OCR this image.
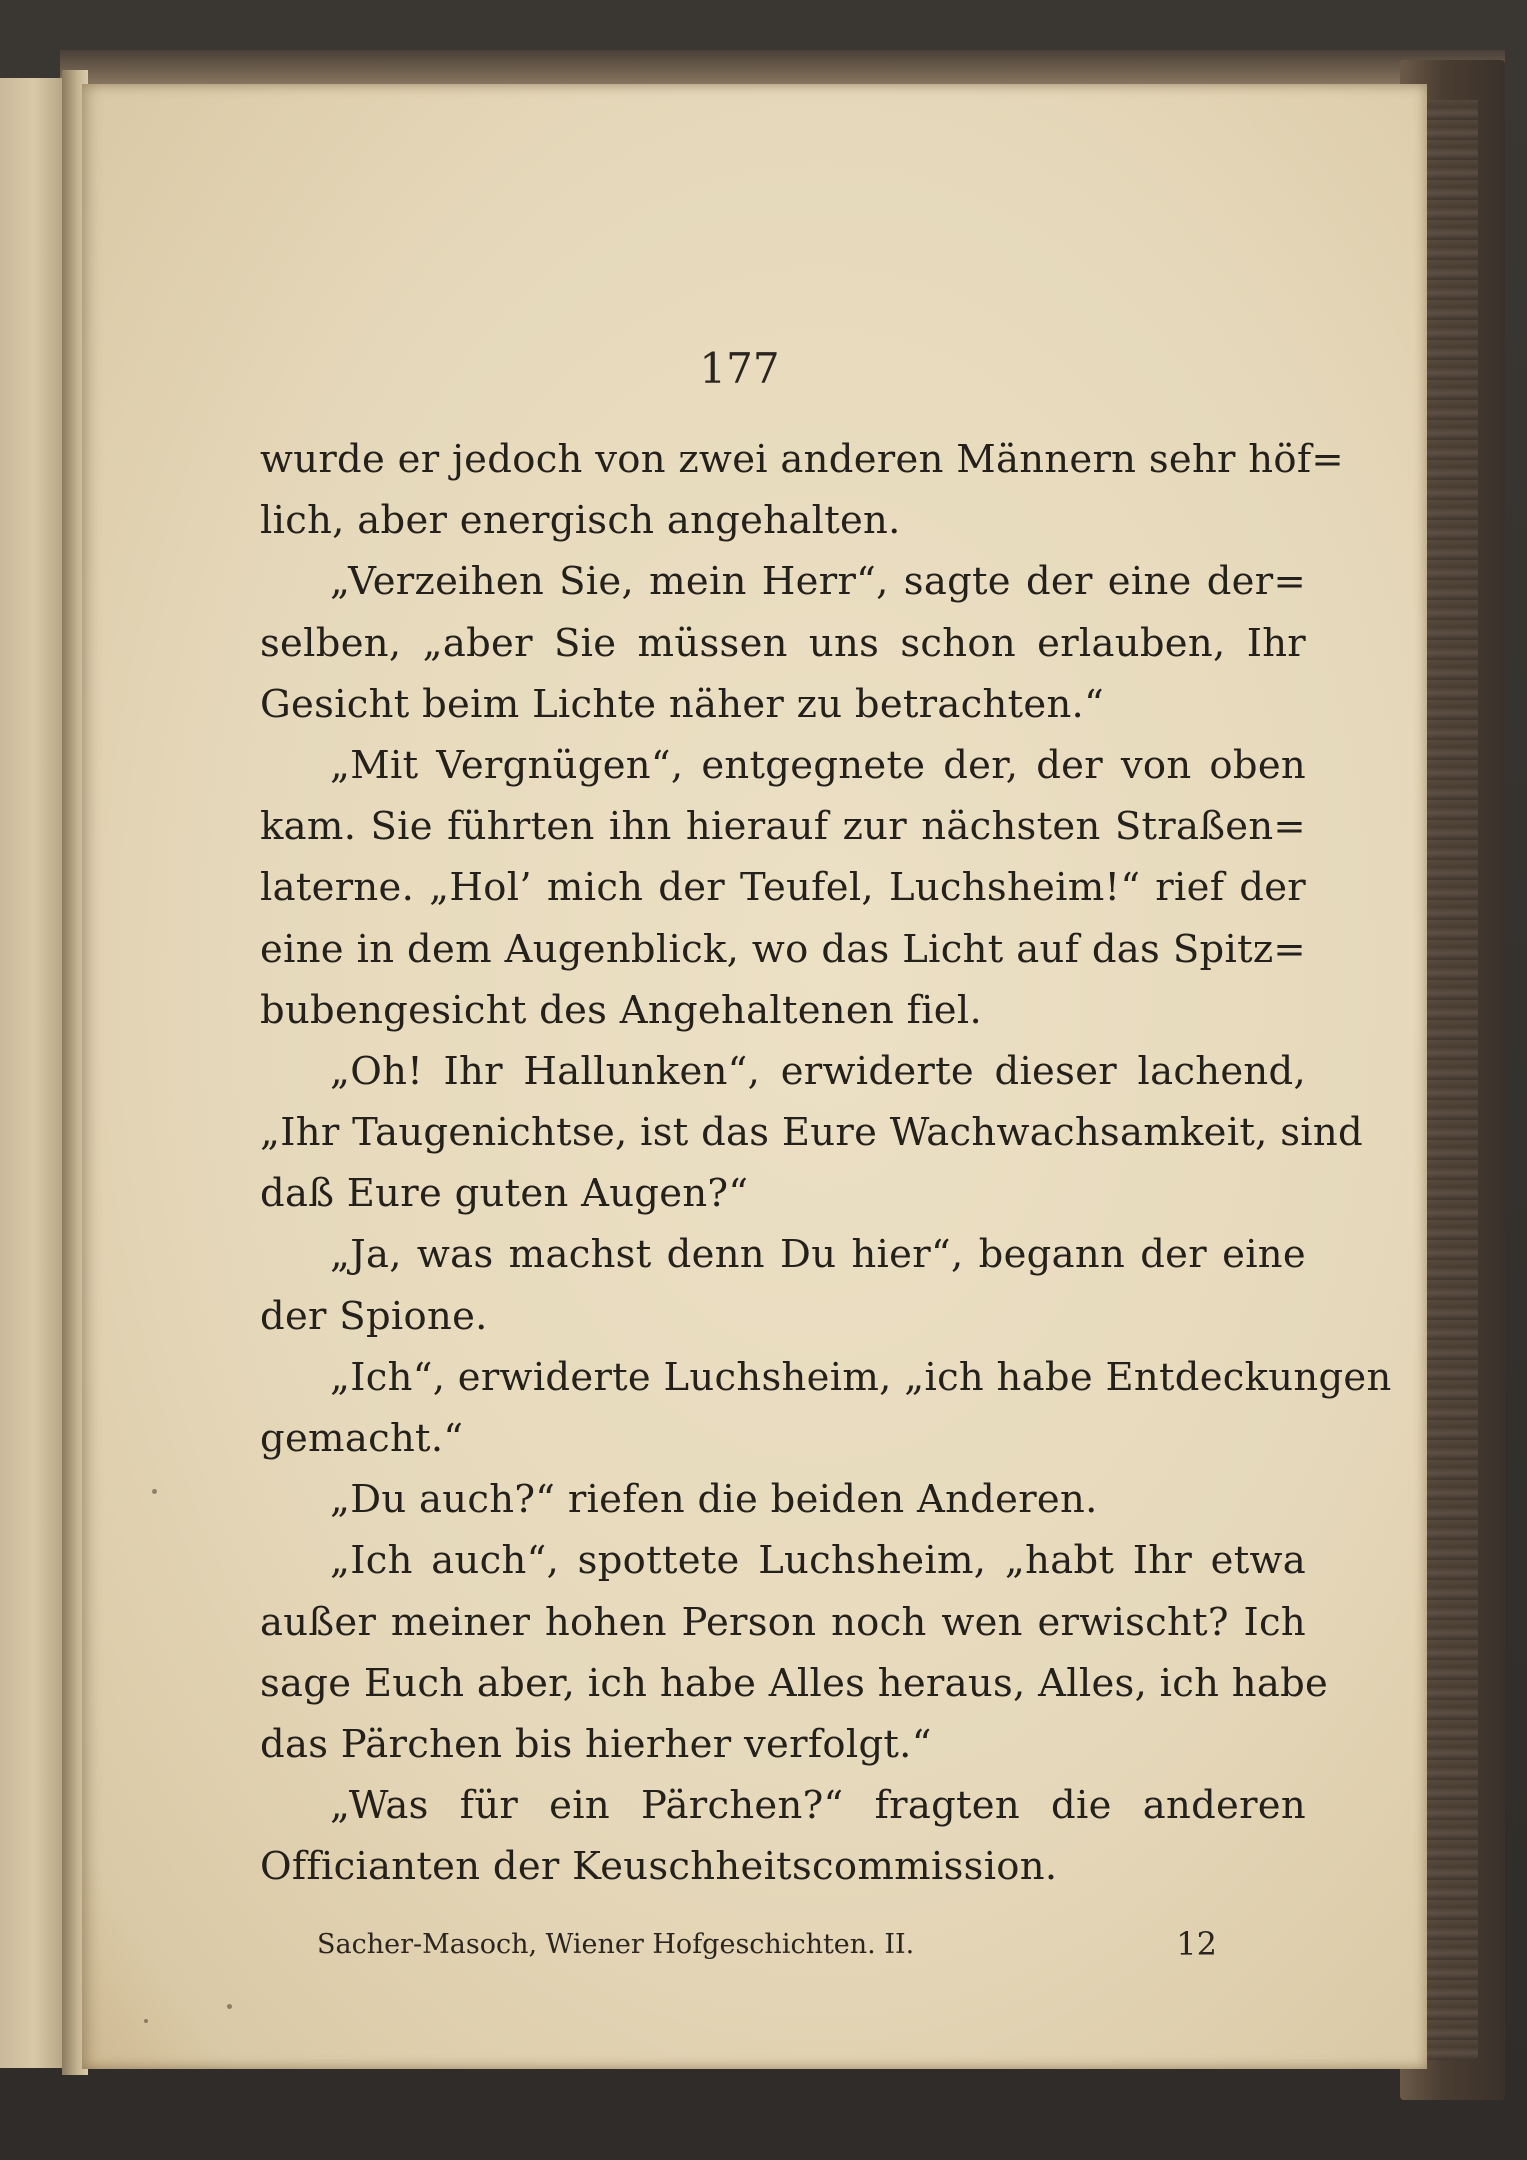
177
wurde er jedoch von zwei anderen Männern sehr höf=
lich, aber energisch angehalten.
„Verzeihen Sie, mein Herr“, sagte der eine der=
selben, „aber Sie müssen uns schon erlauben, Ihr
Gesicht beim Lichte näher zu betrachten.“
„Mit Vergnügen“, entgegnete der, der von oben
kam. Sie führten ihn hierauf zur nächsten Straßen=
laterne. „Hol’ mich der Teufel, Luchsheim!“ rief der
eine in dem Augenblick, wo das Licht auf das Spitz=
bubengesicht des Angehaltenen fiel.
„Oh! Ihr Hallunken“, erwiderte dieser lachend,
„Ihr Taugenichtse, ist das Eure Wachwachsamkeit, sind
daß Eure guten Augen?“
„Ja, was machst denn Du hier“, begann der eine
der Spione.
„Ich“, erwiderte Luchsheim, „ich habe Entdeckungen
gemacht.“
„Du auch?“ riefen die beiden Anderen.
„Ich auch“, spottete Luchsheim, „habt Ihr etwa
außer meiner hohen Person noch wen erwischt? Ich
sage Euch aber, ich habe Alles heraus, Alles, ich habe
das Pärchen bis hierher verfolgt.“
„Was für ein Pärchen?“ fragten die anderen
Officianten der Keuschheitscommission.
Sacher-Masoch, Wiener Hofgeschichten. II.	12
